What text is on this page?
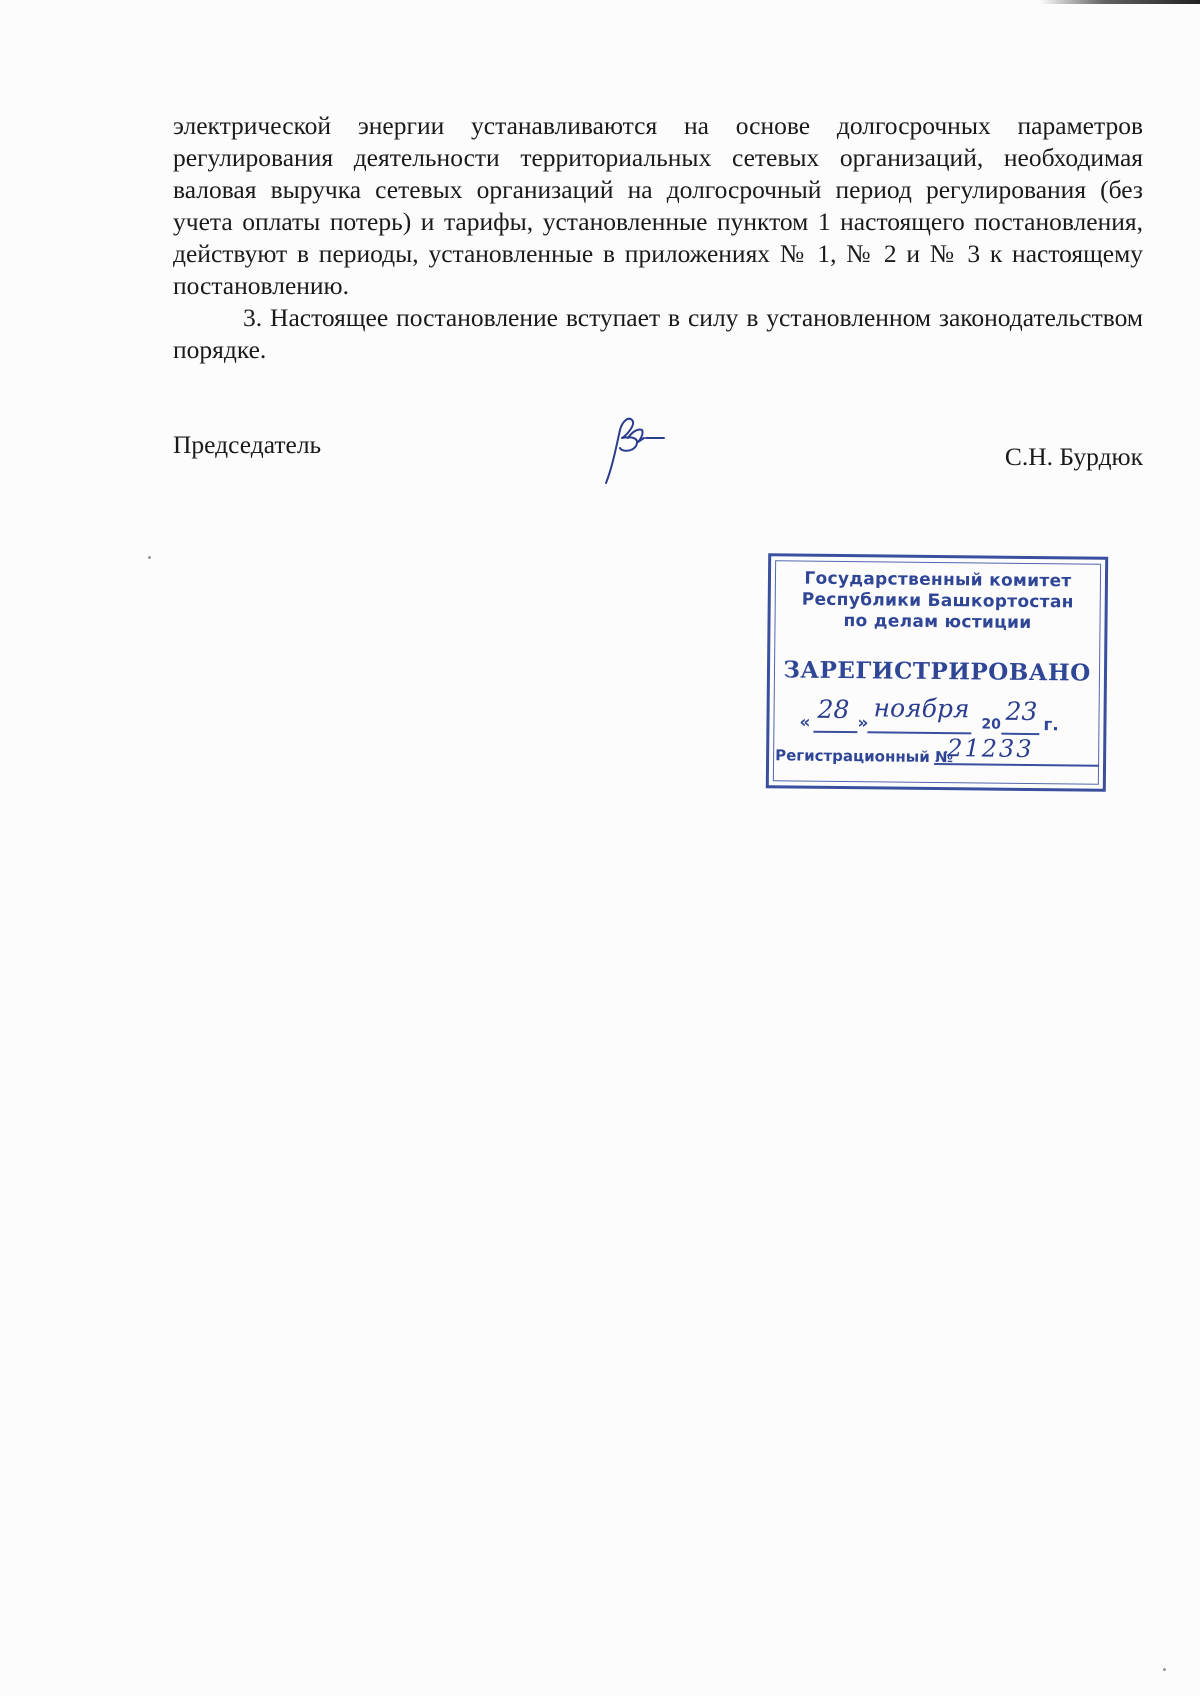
электрической энергии устанавливаются на основе долгосрочных параметров регулирования деятельности территориальных сетевых организаций, необходимая валовая выручка сетевых организаций на долгосрочный период регулирования (без учета оплаты потерь) и тарифы, установленные пунктом 1 настоящего постановления, действуют в периоды, установленные в приложениях № 1, № 2 и № 3 к настоящему постановлению.

3. Настоящее постановление вступает в силу в установленном законодательством порядке.

Председатель	С.Н. Бурдюк
Государственный комитет
Республики Башкортостан
по делам юстиции
ЗАРЕГИСТРИРОВАНО
« 28 » ноября
20 23 г.
Регистрационный №
21233
